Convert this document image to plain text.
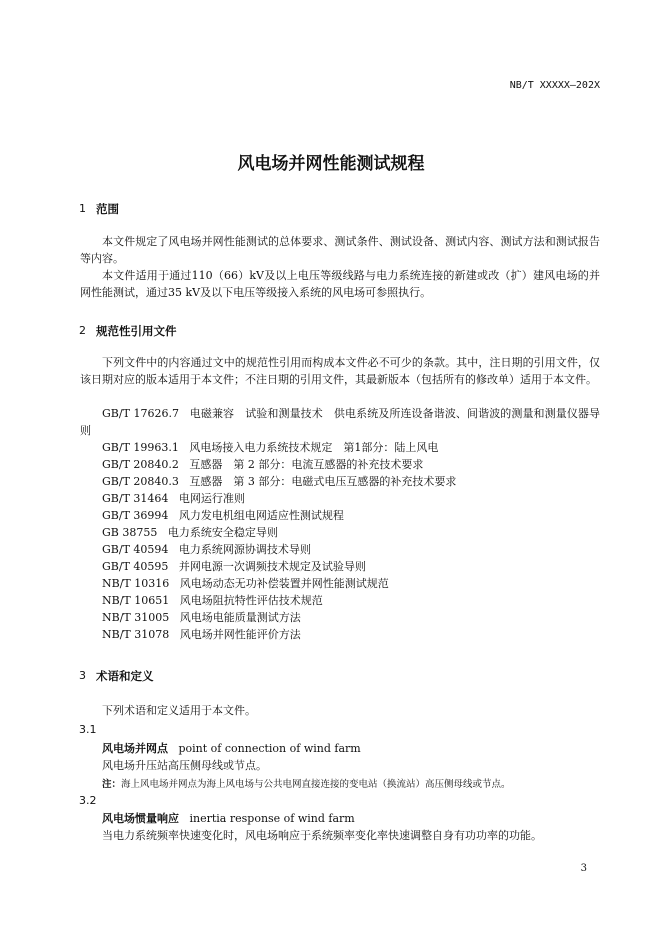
NB/T XXXXX—202X
风电场并网性能测试规程
1 范围
本文件规定了风电场并网性能测试的总体要求、测试条件、测试设备、测试内容、测试方法和测试报告等内容。
本文件适用于通过110（66）kV及以上电压等级线路与电力系统连接的新建或改（扩）建风电场的并网性能测试，通过35 kV及以下电压等级接入系统的风电场可参照执行。
2 规范性引用文件
下列文件中的内容通过文中的规范性引用而构成本文件必不可少的条款。其中，注日期的引用文件，仅该日期对应的版本适用于本文件；不注日期的引用文件，其最新版本（包括所有的修改单）适用于本文件。
GB/T 17626.7 电磁兼容　试验和测量技术　供电系统及所连设备谐波、间谐波的测量和测量仪器导则
GB/T 19963.1 风电场接入电力系统技术规定　第1部分：陆上风电
GB/T 20840.2 互感器　第 2 部分：电流互感器的补充技术要求
GB/T 20840.3 互感器　第 3 部分：电磁式电压互感器的补充技术要求
GB/T 31464 电网运行准则
GB/T 36994 风力发电机组电网适应性测试规程
GB 38755 电力系统安全稳定导则
GB/T 40594 电力系统网源协调技术导则
GB/T 40595 并网电源一次调频技术规定及试验导则
NB/T 10316 风电场动态无功补偿装置并网性能测试规范
NB/T 10651 风电场阻抗特性评估技术规范
NB/T 31005 风电场电能质量测试方法
NB/T 31078 风电场并网性能评价方法
3 术语和定义
下列术语和定义适用于本文件。
3.1
风电场并网点 point of connection of wind farm
风电场升压站高压侧母线或节点。
注：海上风电场并网点为海上风电场与公共电网直接连接的变电站（换流站）高压侧母线或节点。
3.2
风电场惯量响应 inertia response of wind farm
当电力系统频率快速变化时，风电场响应于系统频率变化率快速调整自身有功功率的功能。
3
